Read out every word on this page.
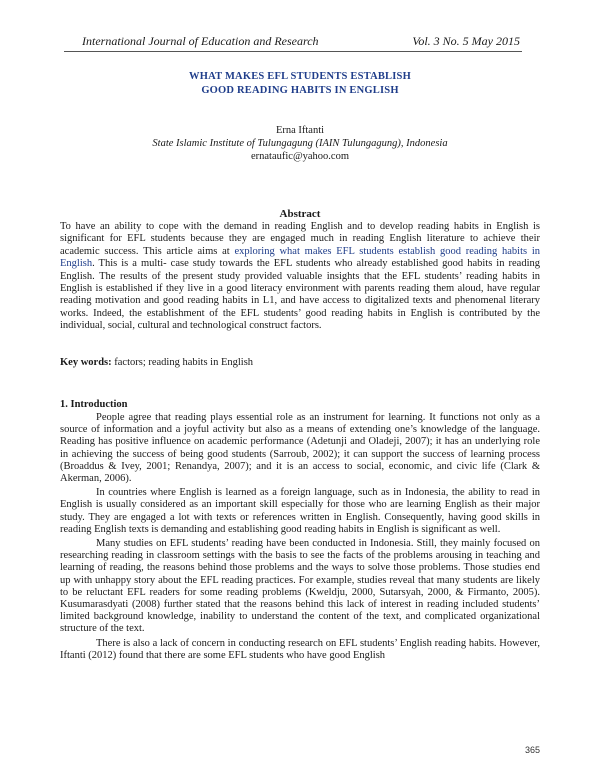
International Journal of Education and Research	Vol. 3 No. 5 May 2015
WHAT MAKES EFL STUDENTS ESTABLISH
GOOD READING HABITS IN ENGLISH
Erna Iftanti
State Islamic Institute of Tulungagung (IAIN Tulungagung), Indonesia
ernataufic@yahoo.com
Abstract
To have an ability to cope with the demand in reading English and to develop reading habits in English is significant for EFL students because they are engaged much in reading English literature to achieve their academic success. This article aims at exploring what makes EFL students establish good reading habits in English. This is a multi- case study towards the EFL students who already established good habits in reading English. The results of the present study provided valuable insights that the EFL students’ reading habits in English is established if they live in a good literacy environment with parents reading them aloud, have regular reading motivation and good reading habits in L1, and have access to digitalized texts and phenomenal literary works. Indeed, the establishment of the EFL students’ good reading habits in English is contributed by the individual, social, cultural and technological construct factors.
Key words: factors; reading habits in English
1. Introduction

People agree that reading plays essential role as an instrument for learning. It functions not only as a source of information and a joyful activity but also as a means of extending one’s knowledge of the language. Reading has positive influence on academic performance (Adetunji and Oladeji, 2007); it has an underlying role in achieving the success of being good students (Sarroub, 2002); it can support the success of learning process (Broaddus & Ivey, 2001; Renandya, 2007); and it is an access to social, economic, and civic life (Clark & Akerman, 2006).

In countries where English is learned as a foreign language, such as in Indonesia, the ability to read in English is usually considered as an important skill especially for those who are learning English as their major study. They are engaged a lot with texts or references written in English. Consequently, having good skills in reading English texts is demanding and establishing good reading habits in English is significant as well.

Many studies on EFL students’ reading have been conducted in Indonesia. Still, they mainly focused on researching reading in classroom settings with the basis to see the facts of the problems arousing in teaching and learning of reading, the reasons behind those problems and the ways to solve those problems. Those studies end up with unhappy story about the EFL reading practices. For example, studies reveal that many students are likely to be reluctant EFL readers for some reading problems (Kweldju, 2000, Sutarsyah, 2000, & Firmanto, 2005). Kusumarasdyati (2008) further stated that the reasons behind this lack of interest in reading included students’ limited background knowledge, inability to understand the content of the text, and complicated organizational structure of the text.

There is also a lack of concern in conducting research on EFL students’ English reading habits. However, Iftanti (2012) found that there are some EFL students who have good English

365
